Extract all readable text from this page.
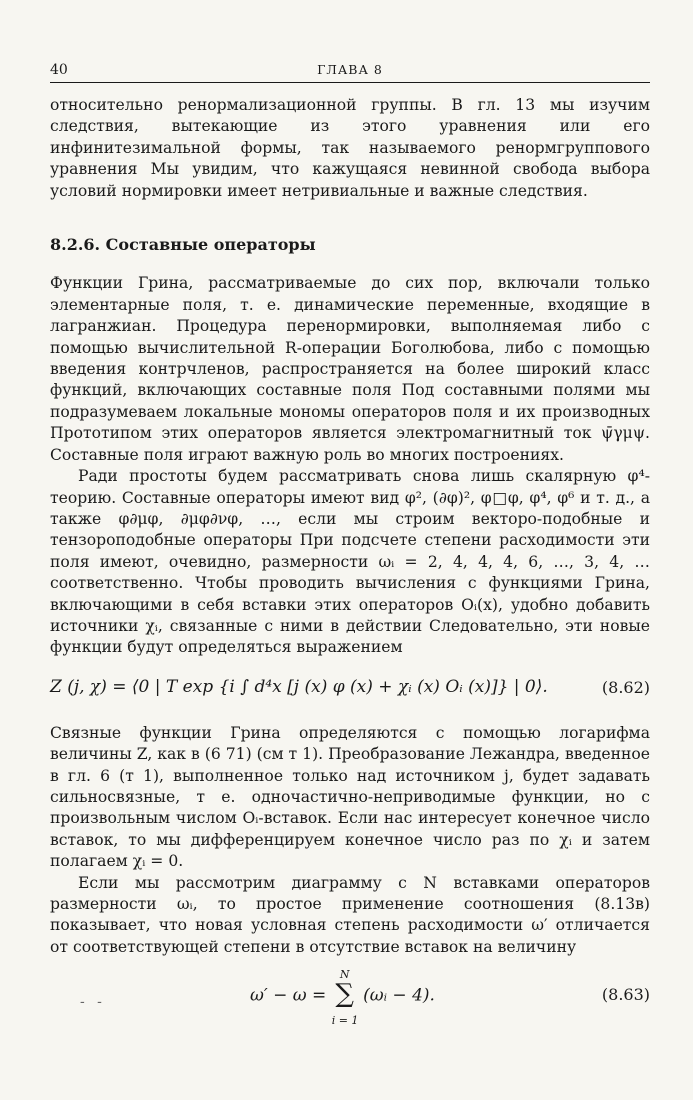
40	ГЛАВА 8

относительно ренормализационной группы. В гл. 13 мы изучим следствия, вытекающие из этого уравнения или его инфинитезимальной формы, так называемого ренормгруппового уравнения Мы увидим, что кажущаяся невинной свобода выбора условий нормировки имеет нетривиальные и важные следствия.

8.2.6. Составные операторы

Функции Грина, рассматриваемые до сих пор, включали только элементарные поля, т. е. динамические переменные, входящие в лагранжиан. Процедура перенормировки, выполняемая либо с помощью вычислительной R-операции Боголюбова, либо с помощью введения контрчленов, распространяется на более широкий класс функций, включающих составные поля Под составными полями мы подразумеваем локальные мономы операторов поля и их производных Прототипом этих операторов является электромагнитный ток ψ̄γμψ. Составные поля играют важную роль во многих построениях.

Ради простоты будем рассматривать снова лишь скалярную φ⁴-теорию. Составные операторы имеют вид φ², (∂φ)², φ□φ, φ⁴, φ⁶ и т. д., а также φ∂μφ, ∂μφ∂νφ, …, если мы строим векторо-подобные и тензороподобные операторы При подсчете степени расходимости эти поля имеют, очевидно, размерности ωᵢ = 2, 4, 4, 4, 6, …, 3, 4, … соответственно. Чтобы проводить вычисления с функциями Грина, включающими в себя вставки этих операторов Oᵢ(x), удобно добавить источники χᵢ, связанные с ними в действии Следовательно, эти новые функции будут определяться выражением

Z (j, χ) = ⟨0 | T exp {i ∫ d⁴x [j (x) φ (x) + χᵢ (x) Oᵢ (x)]} | 0⟩.	(8.62)

Связные функции Грина определяются с помощью логарифма величины Z, как в (6 71) (см т 1). Преобразование Лежандра, введенное в гл. 6 (т 1), выполненное только над источником j, будет задавать сильносвязные, т е. одночастично-неприводимые функции, но с произвольным числом Oᵢ-вставок. Если нас интересует конечное число вставок, то мы дифференцируем конечное число раз по χᵢ и затем полагаем χᵢ = 0.

Если мы рассмотрим диаграмму с N вставками операторов размерности ωᵢ, то простое применение соотношения (8.13в) показывает, что новая условная степень расходимости ω′ отличается от соответствующей степени в отсутствие вставок на величину

- -	ω′ − ω =
N
∑
i = 1
(ωᵢ − 4).	(8.63)
